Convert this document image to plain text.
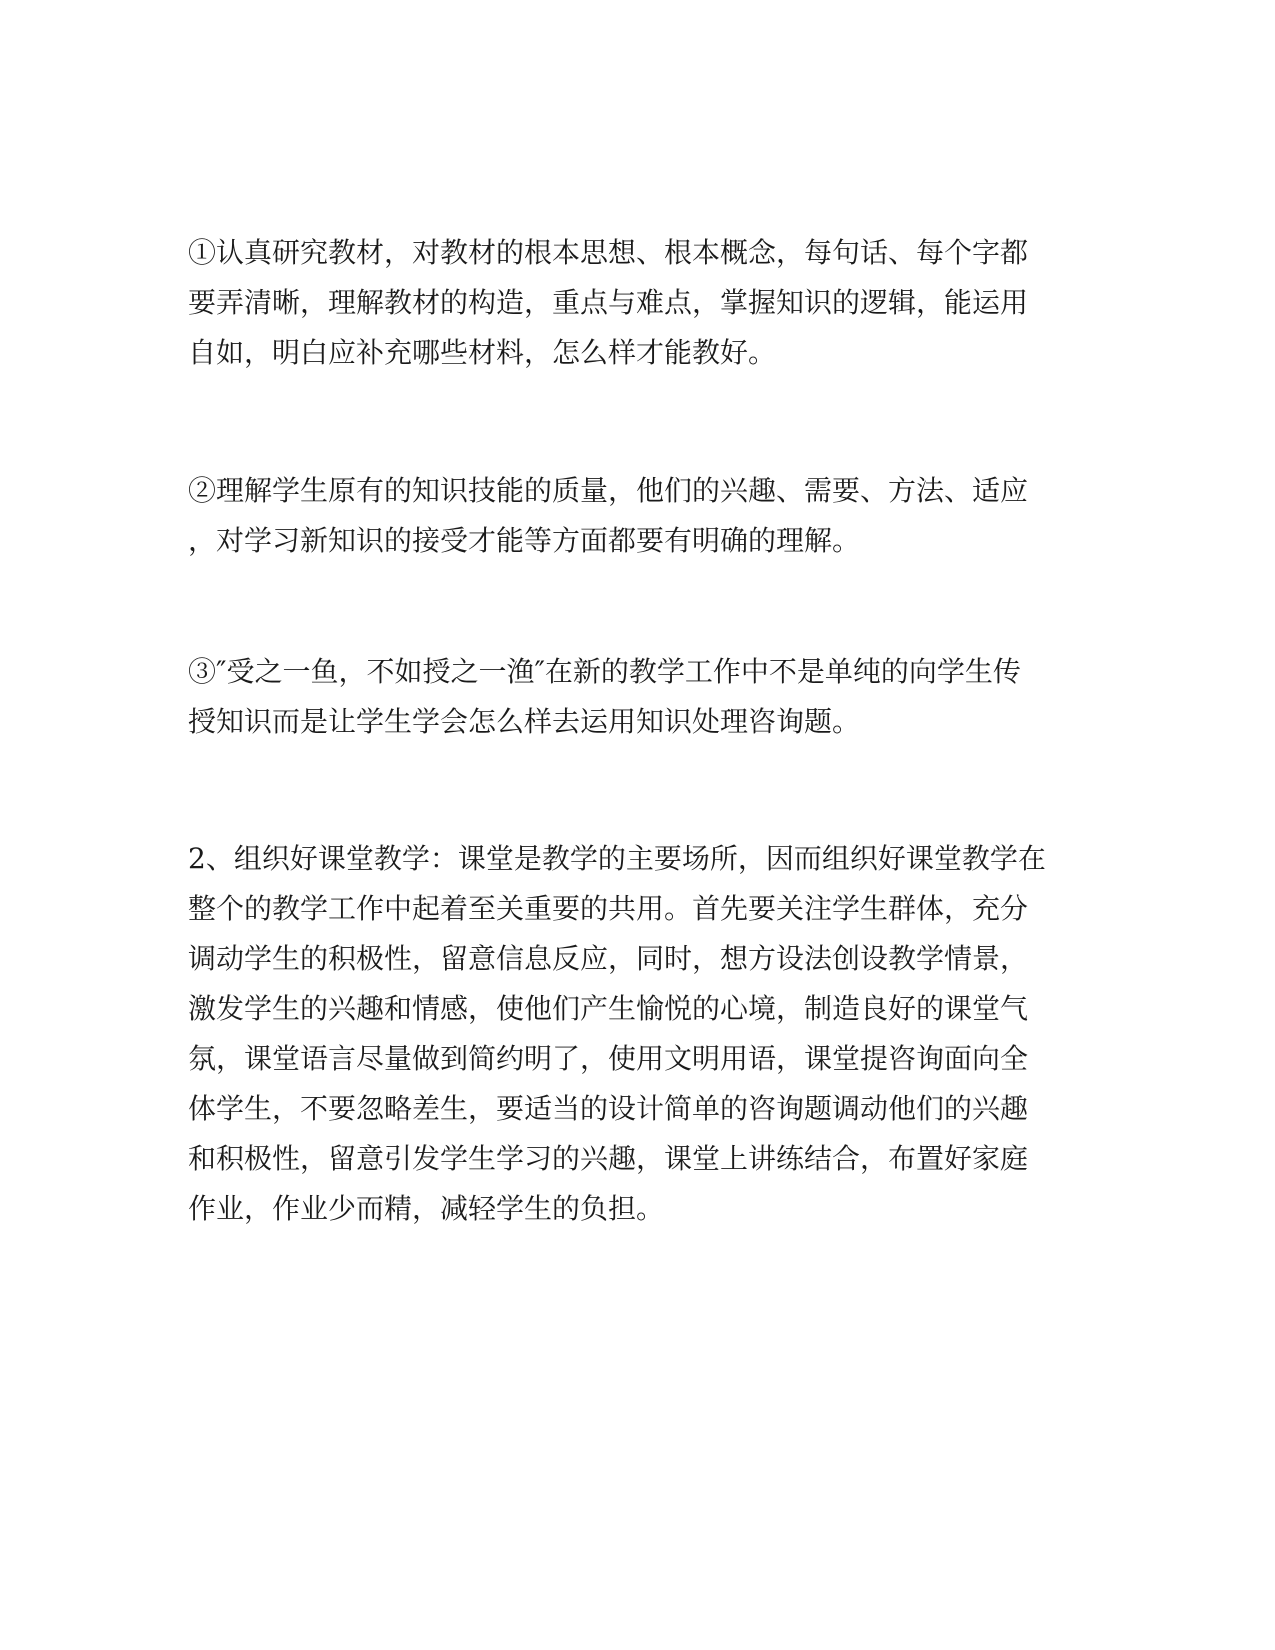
①认真研究教材，对教材的根本思想、根本概念，每句话、每个字都
要弄清晰，理解教材的构造，重点与难点，掌握知识的逻辑，能运用
自如，明白应补充哪些材料，怎么样才能教好。
②理解学生原有的知识技能的质量，他们的兴趣、需要、方法、适应
，对学习新知识的接受才能等方面都要有明确的理解。
③″受之一鱼，不如授之一渔″在新的教学工作中不是单纯的向学生传
授知识而是让学生学会怎么样去运用知识处理咨询题。
2、组织好课堂教学：课堂是教学的主要场所，因而组织好课堂教学在
整个的教学工作中起着至关重要的共用。首先要关注学生群体，充分
调动学生的积极性，留意信息反应，同时，想方设法创设教学情景，
激发学生的兴趣和情感，使他们产生愉悦的心境，制造良好的课堂气
氛，课堂语言尽量做到简约明了，使用文明用语，课堂提咨询面向全
体学生，不要忽略差生，要适当的设计简单的咨询题调动他们的兴趣
和积极性，留意引发学生学习的兴趣，课堂上讲练结合，布置好家庭
作业，作业少而精，减轻学生的负担。
